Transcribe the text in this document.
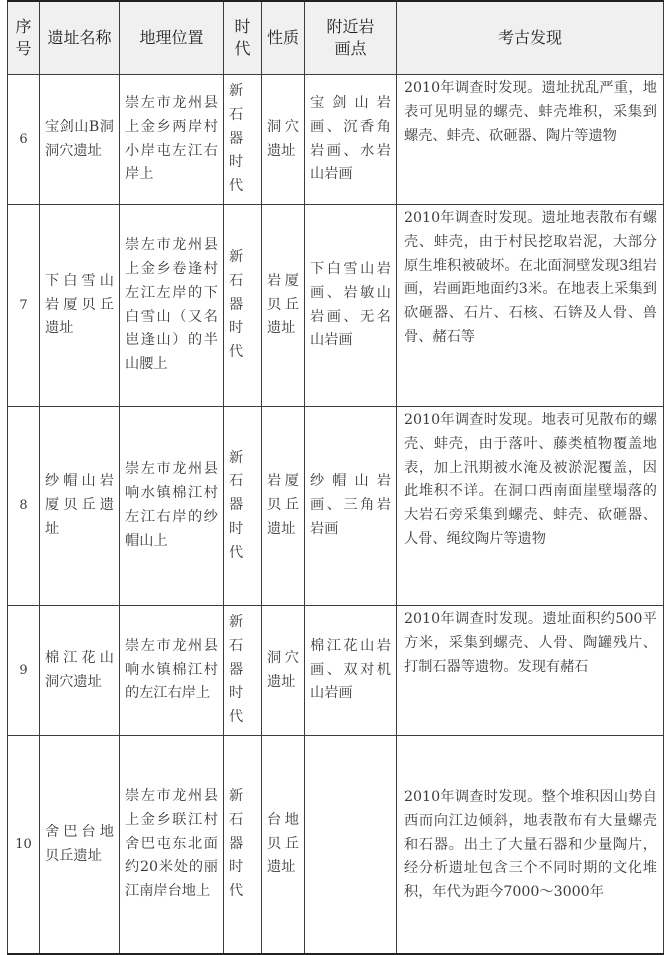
序号	遗址名称	地理位置	时代	性质	附近岩画点	考古发现

6	宝剑山B洞洞穴遗址	崇左市龙州县上金乡两岸村小岸屯左江右岸上	新石器时代	洞穴遗址	宝剑山岩画、沉香角岩画、水岩山岩画	2010年调查时发现。遗址扰乱严重，地表可见明显的螺壳、蚌壳堆积，采集到螺壳、蚌壳、砍砸器、陶片等遗物
7	下白雪山岩厦贝丘遗址	崇左市龙州县上金乡卷逢村左江左岸的下白雪山（又名岜逢山）的半山腰上	新石器时代	岩厦贝丘遗址	下白雪山岩画、岩敏山岩画、无名山岩画	2010年调查时发现。遗址地表散布有螺壳、蚌壳，由于村民挖取岩泥，大部分原生堆积被破坏。在北面洞壁发现3组岩画，岩画距地面约3米。在地表上采集到砍砸器、石片、石核、石锛及人骨、兽骨、赭石等
8	纱帽山岩厦贝丘遗址	崇左市龙州县响水镇棉江村左江右岸的纱帽山上	新石器时代	岩厦贝丘遗址	纱帽山岩画、三角岩岩画	2010年调查时发现。地表可见散布的螺壳、蚌壳，由于落叶、藤类植物覆盖地表，加上汛期被水淹及被淤泥覆盖，因此堆积不详。在洞口西南面崖壁塌落的大岩石旁采集到螺壳、蚌壳、砍砸器、人骨、绳纹陶片等遗物
9	棉江花山洞穴遗址	崇左市龙州县响水镇棉江村的左江右岸上	新石器时代	洞穴遗址	棉江花山岩画、双对机山岩画	2010年调查时发现。遗址面积约500平方米，采集到螺壳、人骨、陶罐残片、打制石器等遗物。发现有赭石
10	舍巴台地贝丘遗址	崇左市龙州县上金乡联江村舍巴屯东北面约20米处的丽江南岸台地上	新石器时代	台地贝丘遗址		2010年调查时发现。整个堆积因山势自西而向江边倾斜，地表散布有大量螺壳和石器。出土了大量石器和少量陶片，经分析遗址包含三个不同时期的文化堆积，年代为距今7000～3000年
